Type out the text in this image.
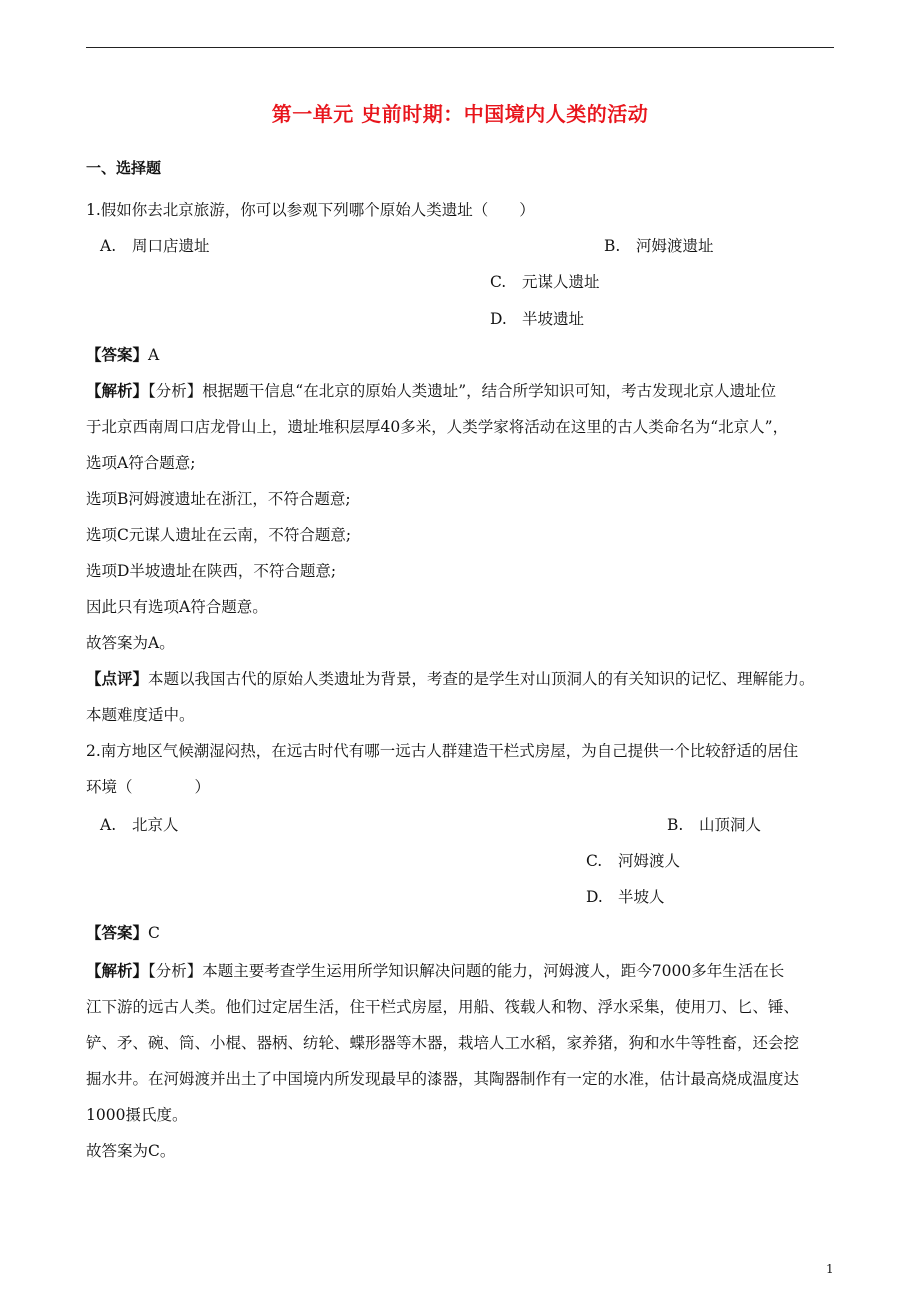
第一单元 史前时期：中国境内人类的活动
一、选择题
1.假如你去北京旅游，你可以参观下列哪个原始人类遗址（　　）
A. 周口店遗址	B. 河姆渡遗址
C. 元谋人遗址
D. 半坡遗址
【答案】A
【解析】【分析】根据题干信息“在北京的原始人类遗址”，结合所学知识可知，考古发现北京人遗址位
于北京西南周口店龙骨山上，遗址堆积层厚40多米，人类学家将活动在这里的古人类命名为“北京人”，
选项A符合题意;
选项B河姆渡遗址在浙江，不符合题意;
选项C元谋人遗址在云南，不符合题意;
选项D半坡遗址在陕西，不符合题意;
因此只有选项A符合题意。
故答案为A。
【点评】本题以我国古代的原始人类遗址为背景，考查的是学生对山顶洞人的有关知识的记忆、理解能力。
本题难度适中。
2.南方地区气候潮湿闷热，在远古时代有哪一远古人群建造干栏式房屋，为自己提供一个比较舒适的居住
环境（　　　　）
A. 北京人	B. 山顶洞人
C. 河姆渡人
D. 半坡人
【答案】C
【解析】【分析】本题主要考查学生运用所学知识解决问题的能力，河姆渡人，距今7000多年生活在长
江下游的远古人类。他们过定居生活，住干栏式房屋，用船、筏载人和物、浮水采集，使用刀、匕、锤、
铲、矛、碗、筒、小棍、器柄、纺轮、蝶形器等木器，栽培人工水稻，家养猪，狗和水牛等牲畜，还会挖
掘水井。在河姆渡并出土了中国境内所发现最早的漆器，其陶器制作有一定的水准，估计最高烧成温度达
1000摄氏度。
故答案为C。
1
